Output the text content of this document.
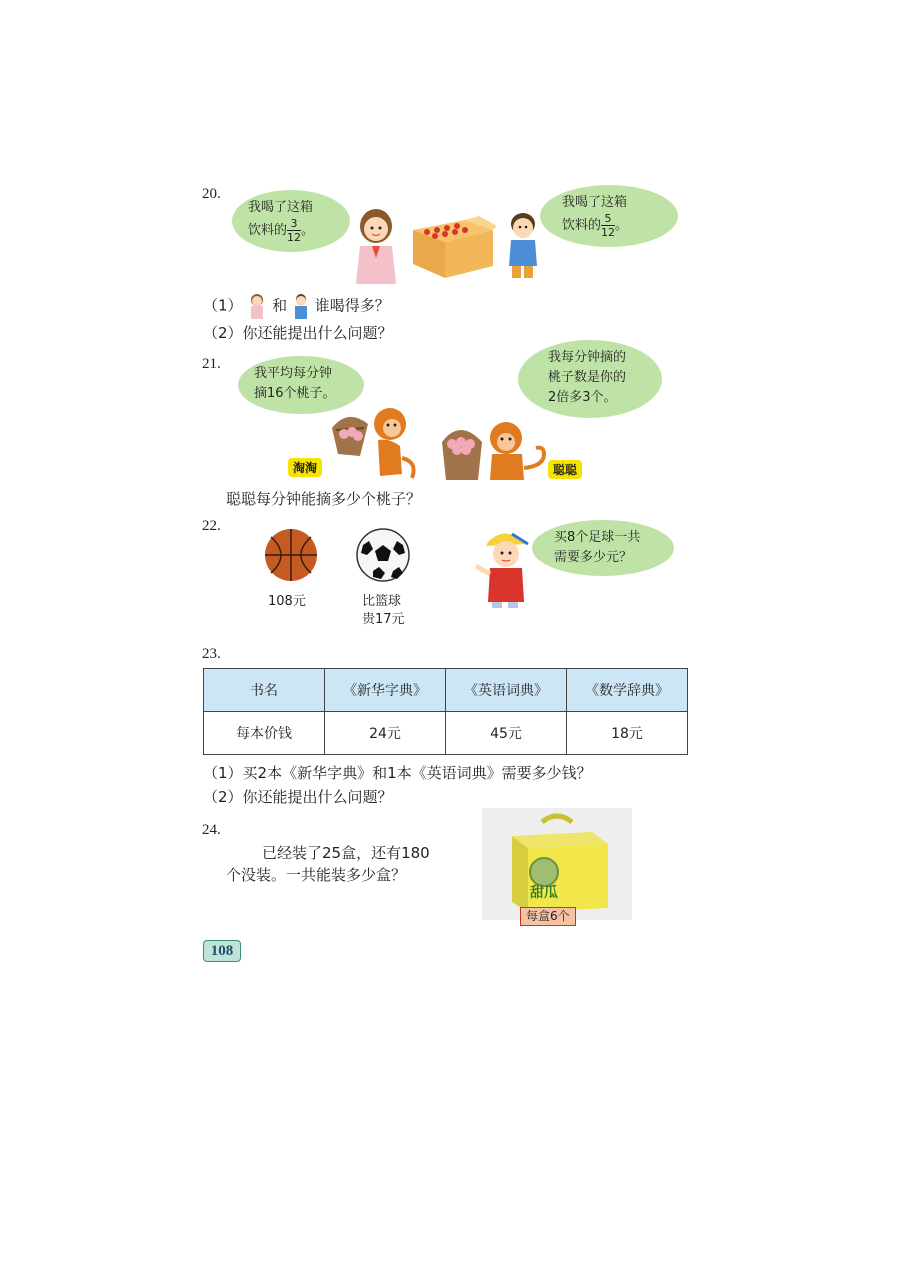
20.
我喝了这箱
饮料的 $\frac{3}{12}$ 。
我喝了这箱
饮料的 $\frac{5}{12}$ 。
（1） 和 谁喝得多？
（2）你还能提出什么问题？
21.
我平均每分钟
摘16个桃子。
我每分钟摘的
桃子数是你的
2倍多3个。
淘淘	聪聪
聪聪每分钟能摘多少个桃子？
22.
108元	比篮球
贵17元
买8个足球一共
需要多少元？
23.
书名	《新华字典》	《英语词典》	《数学辞典》
每本价钱	24元	45元	18元
（1）买2本《新华字典》和1本《英语词典》需要多少钱？
（2）你还能提出什么问题？
24.
已经装了25盒，还有180
个没装。一共能装多少盒？
甜瓜
每盒6个
108
